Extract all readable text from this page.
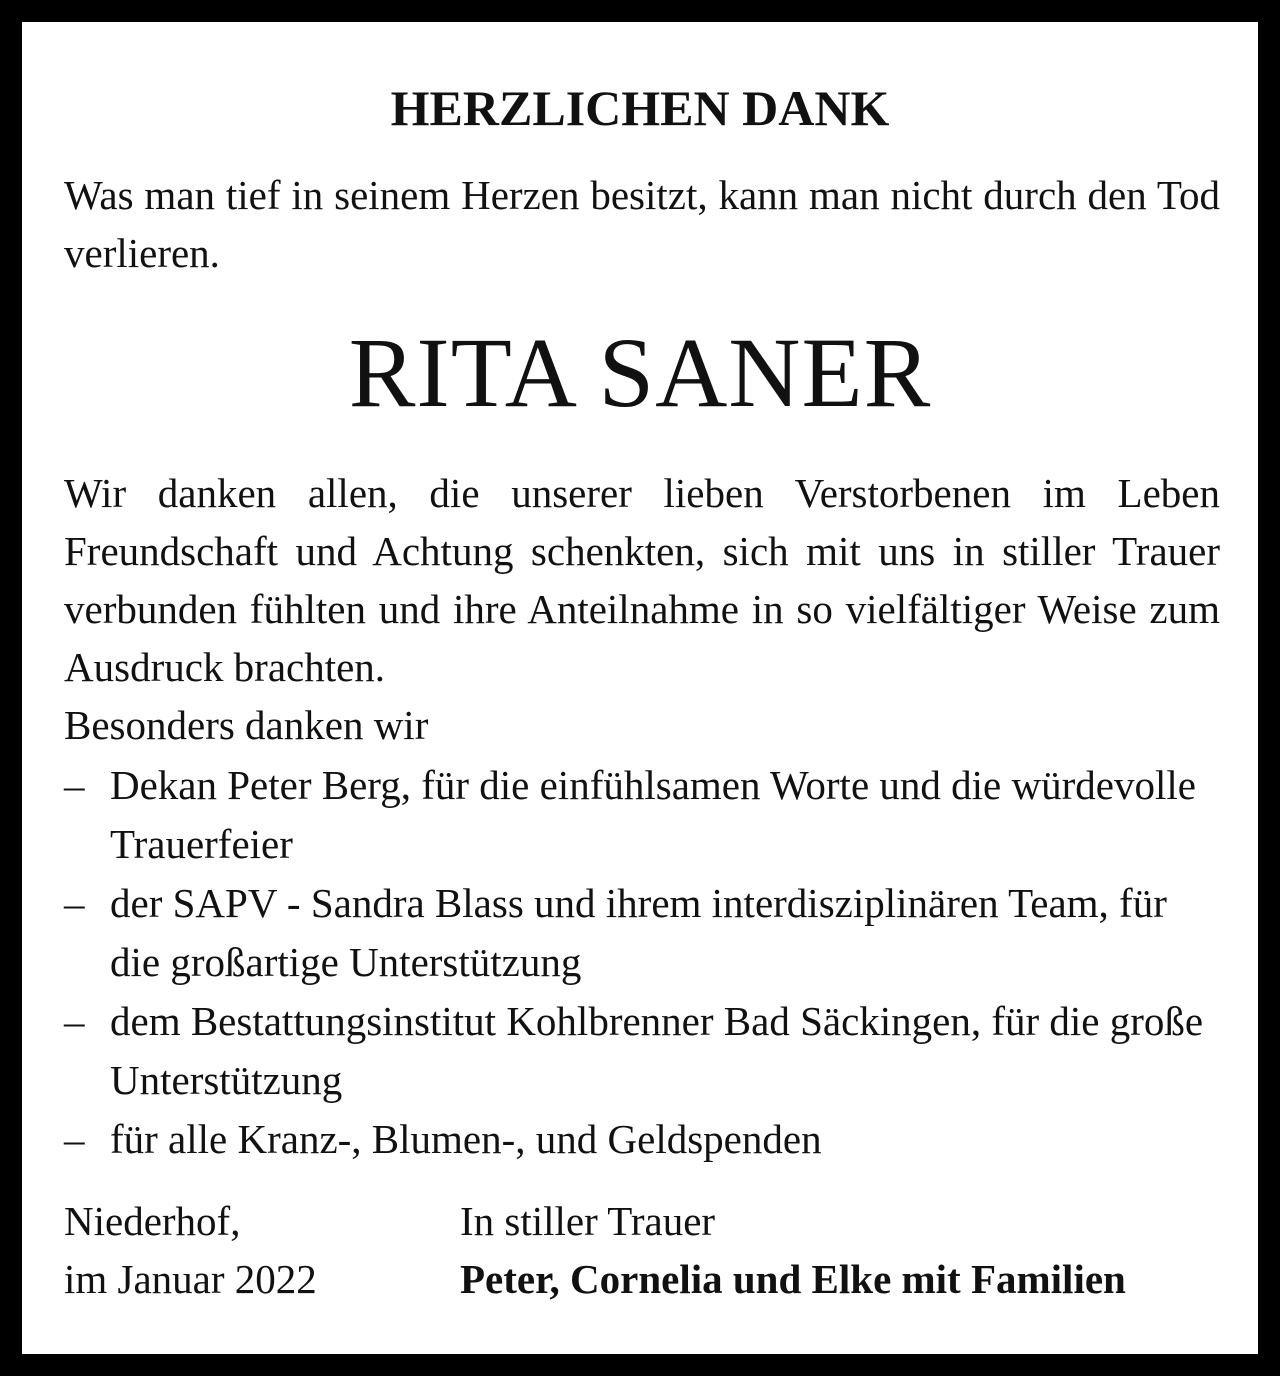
HERZLICHEN DANK
Was man tief in seinem Herzen besitzt, kann man nicht durch den Tod verlieren.
RITA SANER
Wir danken allen, die unserer lieben Verstorbenen im Leben Freundschaft und Achtung schenkten, sich mit uns in stiller Trauer verbunden fühlten und ihre Anteilnahme in so vielfältiger Weise zum Ausdruck brachten.
Besonders danken wir
– Dekan Peter Berg, für die einfühlsamen Worte und die würdevolle Trauerfeier
– der SAPV - Sandra Blass und ihrem interdisziplinären Team, für die großartige Unterstützung
– dem Bestattungsinstitut Kohlbrenner Bad Säckingen, für die große Unterstützung
– für alle Kranz-, Blumen-, und Geldspenden
Niederhof,
im Januar 2022
In stiller Trauer
Peter, Cornelia und Elke mit Familien
